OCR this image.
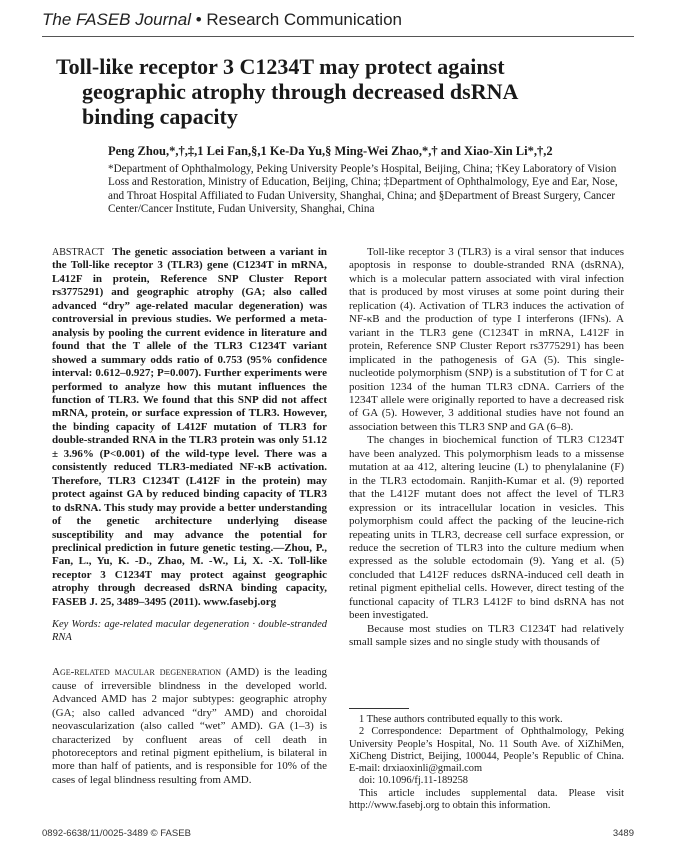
The FASEB Journal • Research Communication
Toll-like receptor 3 C1234T may protect against
geographic atrophy through decreased dsRNA
binding capacity
Peng Zhou,*,†,‡,1 Lei Fan,§,1 Ke-Da Yu,§ Ming-Wei Zhao,*,† and Xiao-Xin Li*,†,2
*Department of Ophthalmology, Peking University People’s Hospital, Beijing, China; †Key Laboratory of Vision Loss and Restoration, Ministry of Education, Beijing, China; ‡Department of Ophthalmology, Eye and Ear, Nose, and Throat Hospital Affiliated to Fudan University, Shanghai, China; and §Department of Breast Surgery, Cancer Center/Cancer Institute, Fudan University, Shanghai, China

ABSTRACT The genetic association between a variant in the Toll-like receptor 3 (TLR3) gene (C1234T in mRNA, L412F in protein, Reference SNP Cluster Report rs3775291) and geographic atrophy (GA; also called advanced “dry” age-related macular degeneration) was controversial in previous studies. We performed a meta-analysis by pooling the current evidence in literature and found that the T allele of the TLR3 C1234T variant showed a summary odds ratio of 0.753 (95% confidence interval: 0.612–0.927; P=0.007). Further experiments were performed to analyze how this mutant influences the function of TLR3. We found that this SNP did not affect mRNA, protein, or surface expression of TLR3. However, the binding capacity of L412F mutation of TLR3 for double-stranded RNA in the TLR3 protein was only 51.12 ± 3.96% (P<0.001) of the wild-type level. There was a consistently reduced TLR3-mediated NF-κB activation. Therefore, TLR3 C1234T (L412F in the protein) may protect against GA by reduced binding capacity of TLR3 to dsRNA. This study may provide a better understanding of the genetic architecture underlying disease susceptibility and may advance the potential for preclinical prediction in future genetic testing.—Zhou, P., Fan, L., Yu, K. -D., Zhao, M. -W., Li, X. -X. Toll-like receptor 3 C1234T may protect against geographic atrophy through decreased dsRNA binding capacity, FASEB J. 25, 3489–3495 (2011). www.fasebj.org

Key Words: age-related macular degeneration · double-stranded RNA

Age-related macular degeneration (AMD) is the leading cause of irreversible blindness in the developed world. Advanced AMD has 2 major subtypes: geographic atrophy (GA; also called advanced “dry” AMD) and choroidal neovascularization (also called “wet” AMD). GA (1–3) is characterized by confluent areas of cell death in photoreceptors and retinal pigment epithelium, is bilateral in more than half of patients, and is responsible for 10% of the cases of legal blindness resulting from AMD.

Toll-like receptor 3 (TLR3) is a viral sensor that induces apoptosis in response to double-stranded RNA (dsRNA), which is a molecular pattern associated with viral infection that is produced by most viruses at some point during their replication (4). Activation of TLR3 induces the activation of NF-κB and the production of type I interferons (IFNs). A variant in the TLR3 gene (C1234T in mRNA, L412F in protein, Reference SNP Cluster Report rs3775291) has been implicated in the pathogenesis of GA (5). This single-nucleotide polymorphism (SNP) is a substitution of T for C at position 1234 of the human TLR3 cDNA. Carriers of the 1234T allele were originally reported to have a decreased risk of GA (5). However, 3 additional studies have not found an association between this TLR3 SNP and GA (6–8).

The changes in biochemical function of TLR3 C1234T have been analyzed. This polymorphism leads to a missense mutation at aa 412, altering leucine (L) to phenylalanine (F) in the TLR3 ectodomain. Ranjith-Kumar et al. (9) reported that the L412F mutant does not affect the level of TLR3 expression or its intracellular location in vesicles. This polymorphism could affect the packing of the leucine-rich repeating units in TLR3, decrease cell surface expression, or reduce the secretion of TLR3 into the culture medium when expressed as the soluble ectodomain (9). Yang et al. (5) concluded that L412F reduces dsRNA-induced cell death in retinal pigment epithelial cells. However, direct testing of the functional capacity of TLR3 L412F to bind dsRNA has not been investigated.

Because most studies on TLR3 C1234T had relatively small sample sizes and no single study with thousands of

1 These authors contributed equally to this work.

2 Correspondence: Department of Ophthalmology, Peking University People’s Hospital, No. 11 South Ave. of XiZhiMen, XiCheng District, Beijing, 100044, People’s Republic of China. E-mail: drxiaoxinli@gmail.com

doi: 10.1096/fj.11-189258

This article includes supplemental data. Please visit http://www.fasebj.org to obtain this information.

0892-6638/11/0025-3489 © FASEB	3489
